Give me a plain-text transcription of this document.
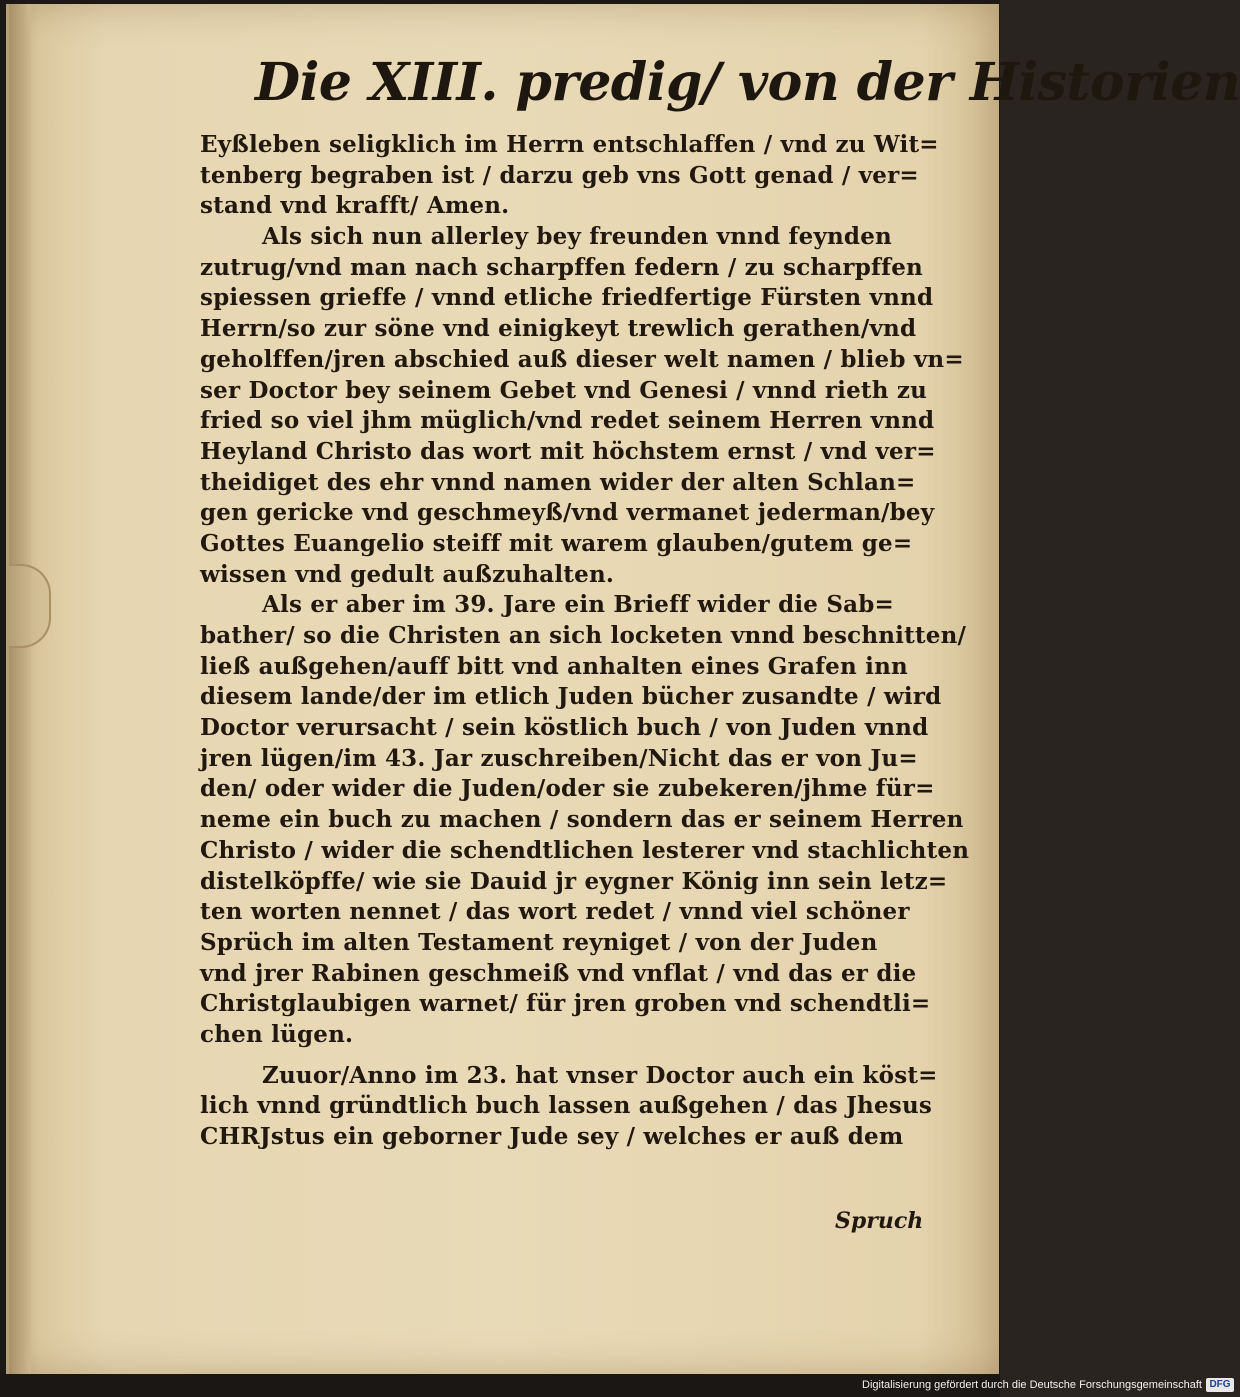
Die XIII. predig/ von der Historien
Eyßleben seligklich im Herrn entschlaffen / vnd zu Wit=
tenberg begraben ist / darzu geb vns Gott genad / ver=
stand vnd krafft/ Amen.
Als sich nun allerley bey freunden vnnd feynden
zutrug/vnd man nach scharpffen federn / zu scharpffen
spiessen grieffe / vnnd etliche friedfertige Fürsten vnnd
Herrn/so zur söne vnd einigkeyt trewlich gerathen/vnd
geholffen/jren abschied auß dieser welt namen / blieb vn=
ser Doctor bey seinem Gebet vnd Genesi / vnnd rieth zu
fried so viel jhm müglich/vnd redet seinem Herren vnnd
Heyland Christo das wort mit höchstem ernst / vnd ver=
theidiget des ehr vnnd namen wider der alten Schlan=
gen gericke vnd geschmeyß/vnd vermanet jederman/bey
Gottes Euangelio steiff mit warem glauben/gutem ge=
wissen vnd gedult außzuhalten.
Als er aber im 39. Jare ein Brieff wider die Sab=
bather/ so die Christen an sich locketen vnnd beschnitten/
ließ außgehen/auff bitt vnd anhalten eines Grafen inn
diesem lande/der im etlich Juden bücher zusandte / wird
Doctor verursacht / sein köstlich buch / von Juden vnnd
jren lügen/im 43. Jar zuschreiben/Nicht das er von Ju=
den/ oder wider die Juden/oder sie zubekeren/jhme für=
neme ein buch zu machen / sondern das er seinem Herren
Christo / wider die schendtlichen lesterer vnd stachlichten
distelköpffe/ wie sie Dauid jr eygner König inn sein letz=
ten worten nennet / das wort redet / vnnd viel schöner
Sprüch im alten Testament reyniget / von der Juden
vnd jrer Rabinen geschmeiß vnd vnflat / vnd das er die
Christglaubigen warnet/ für jren groben vnd schendtli=
chen lügen.
Zuuor/Anno im 23. hat vnser Doctor auch ein köst=
lich vnnd gründtlich buch lassen außgehen / das Jhesus
CHRJstus ein geborner Jude sey / welches er auß dem
Spruch
Digitalisierung gefördert durch die Deutsche Forschungsgemeinschaft DFG
